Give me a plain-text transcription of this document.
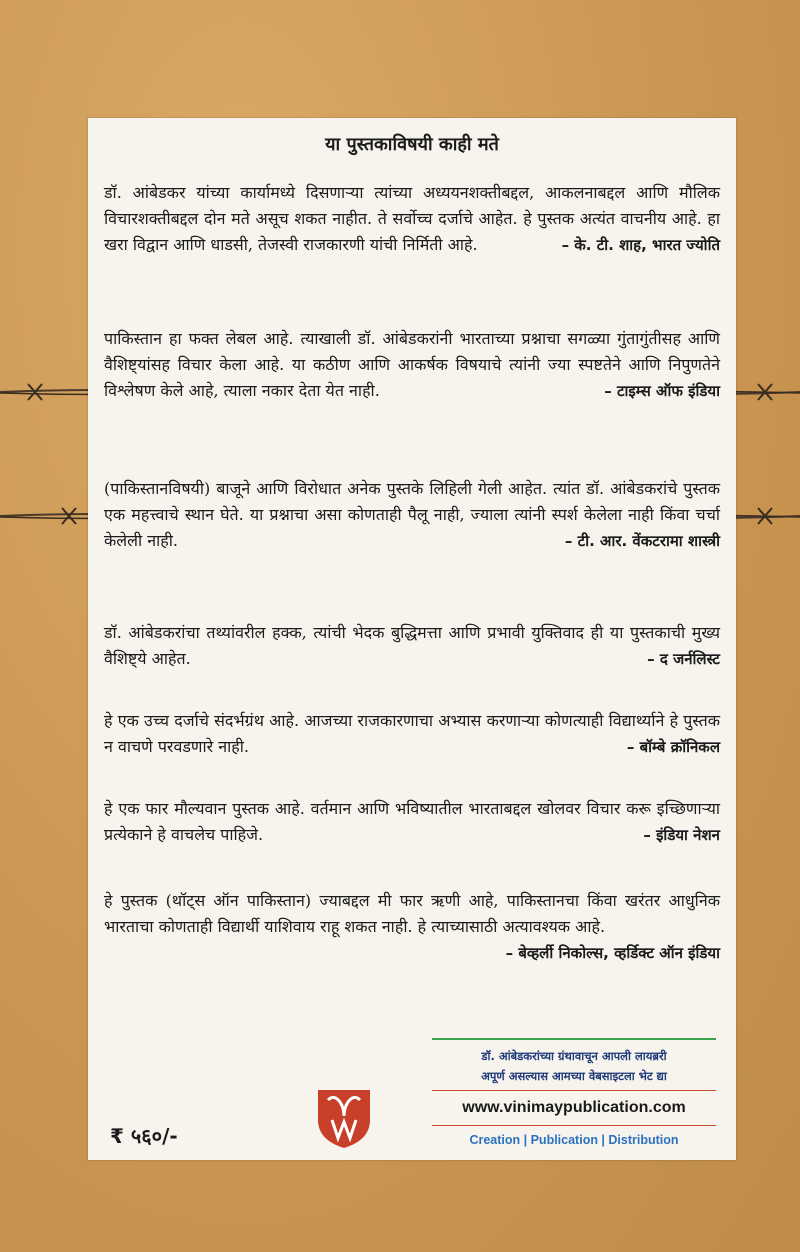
या पुस्तकाविषयी काही मते

डॉ. आंबेडकर यांच्या कार्यामध्ये दिसणाऱ्या त्यांच्या अध्ययनशक्तीबद्दल, आकलनाबद्दल आणि मौलिक विचारशक्तीबद्दल दोन मते असूच शकत नाहीत. ते सर्वोच्च दर्जाचे आहेत. हे पुस्तक अत्यंत वाचनीय आहे. हा खरा विद्वान आणि धाडसी, तेजस्वी राजकारणी यांची निर्मिती आहे.	– के. टी. शाह, भारत ज्योति

पाकिस्तान हा फक्त लेबल आहे. त्याखाली डॉ. आंबेडकरांनी भारताच्या प्रश्नाचा सगळ्या गुंतागुंतीसह आणि वैशिष्ट्यांसह विचार केला आहे. या कठीण आणि आकर्षक विषयाचे त्यांनी ज्या स्पष्टतेने आणि निपुणतेने विश्लेषण केले आहे, त्याला नकार देता येत नाही.	– टाइम्स ऑफ इंडिया

(पाकिस्तानविषयी) बाजूने आणि विरोधात अनेक पुस्तके लिहिली गेली आहेत. त्यांत डॉ. आंबेडकरांचे पुस्तक एक महत्त्वाचे स्थान घेते. या प्रश्नाचा असा कोणताही पैलू नाही, ज्याला त्यांनी स्पर्श केलेला नाही किंवा चर्चा केलेली नाही.	– टी. आर. वेंकटरामा शास्त्री

डॉ. आंबेडकरांचा तथ्यांवरील हक्क, त्यांची भेदक बुद्धिमत्ता आणि प्रभावी युक्तिवाद ही या पुस्तकाची मुख्य वैशिष्ट्ये आहेत.	– द जर्नलिस्ट

हे एक उच्च दर्जाचे संदर्भग्रंथ आहे. आजच्या राजकारणाचा अभ्यास करणाऱ्या कोणत्याही विद्यार्थ्याने हे पुस्तक न वाचणे परवडणारे नाही.	– बॉम्बे क्रॉनिकल

हे एक फार मौल्यवान पुस्तक आहे. वर्तमान आणि भविष्यातील भारताबद्दल खोलवर विचार करू इच्छिणाऱ्या प्रत्येकाने हे वाचलेच पाहिजे.	– इंडिया नेशन

हे पुस्तक (थॉट्स ऑन पाकिस्तान) ज्याबद्दल मी फार ऋणी आहे, पाकिस्तानचा किंवा खरंतर आधुनिक भारताचा कोणताही विद्यार्थी याशिवाय राहू शकत नाही. हे त्याच्यासाठी अत्यावश्यक आहे.
– बेव्हर्ली निकोल्स, व्हर्डिक्ट ऑन इंडिया

₹ ५६०/-
डॉ. आंबेडकरांच्या ग्रंथावाचून आपली लायब्ररी
अपूर्ण असल्यास आमच्या वेबसाइटला भेट द्या
www.vinimaypublication.com
Creation | Publication | Distribution
